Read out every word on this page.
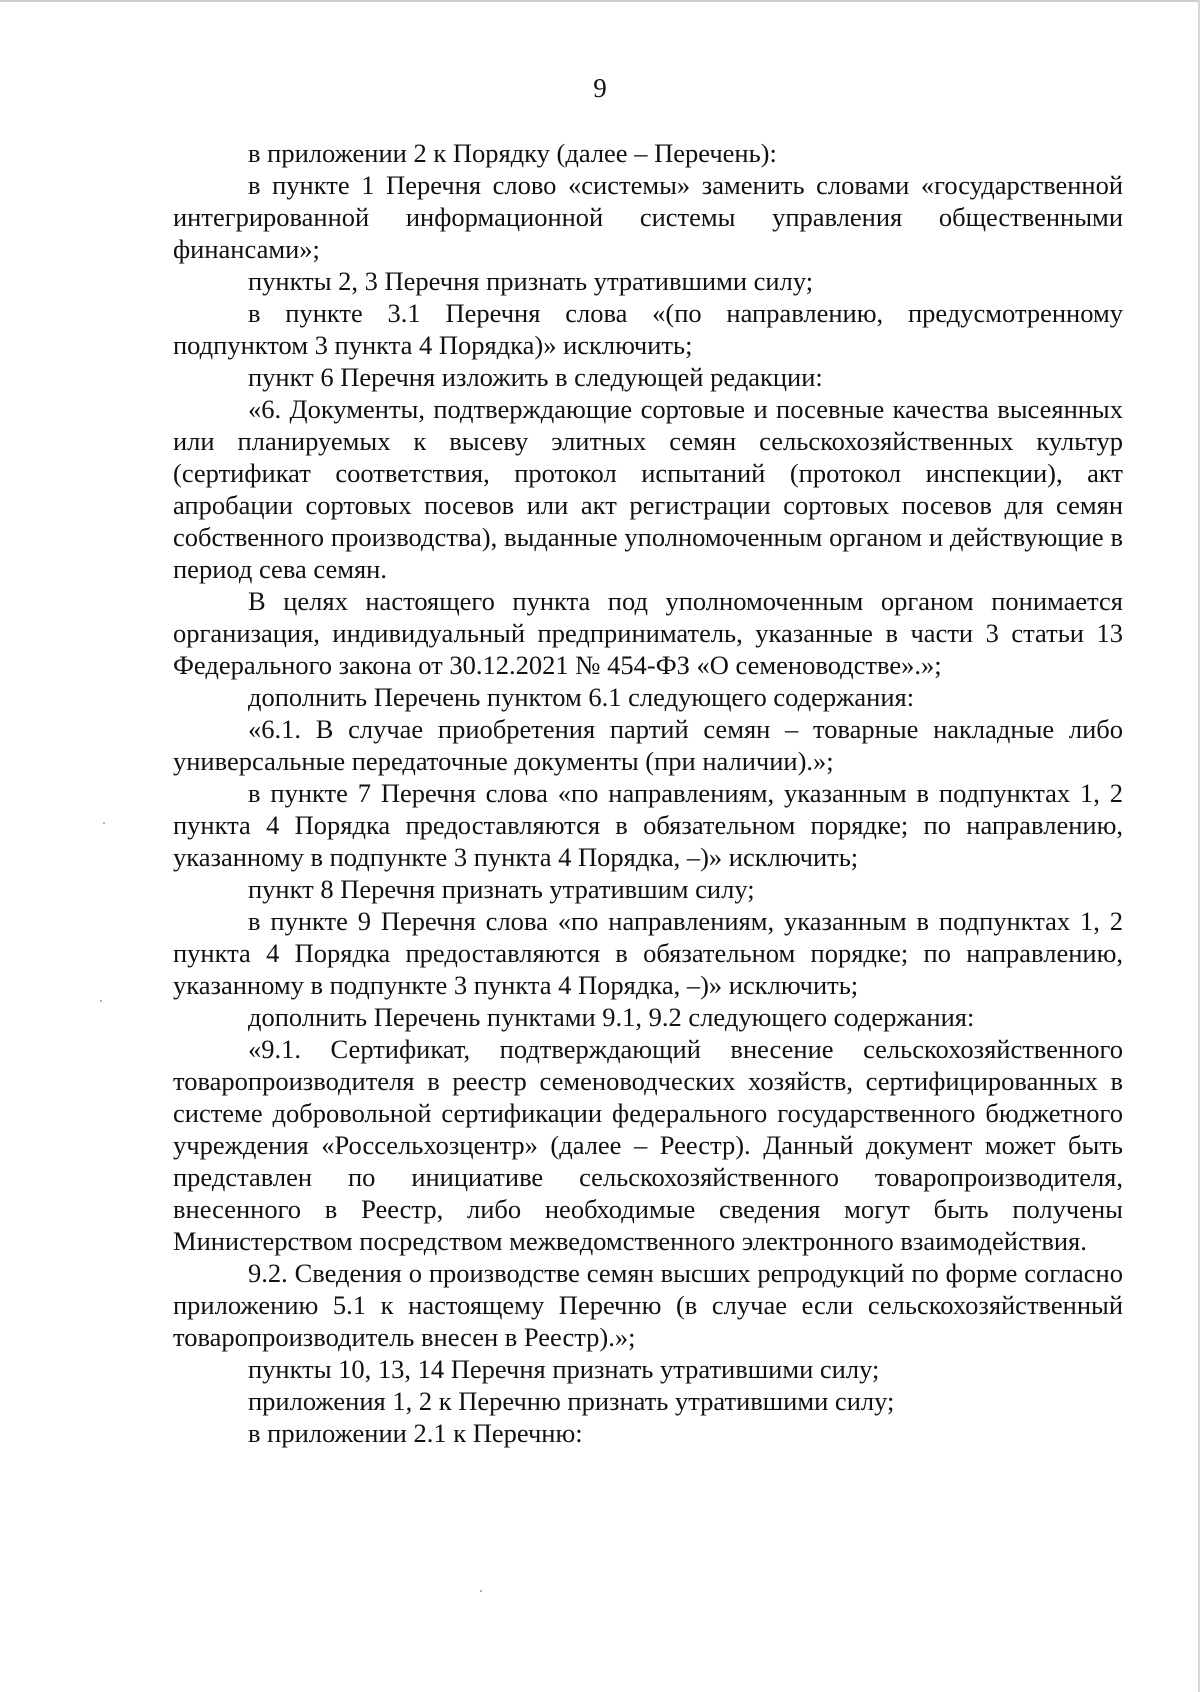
9

в приложении 2 к Порядку (далее – Перечень):

в пункте 1 Перечня слово «системы» заменить словами «государственной интегрированной информационной системы управления общественными финансами»;

пункты 2, 3 Перечня признать утратившими силу;

в пункте 3.1 Перечня слова «(по направлению, предусмотренному подпунктом 3 пункта 4 Порядка)» исключить;

пункт 6 Перечня изложить в следующей редакции:

«6. Документы, подтверждающие сортовые и посевные качества высеянных или планируемых к высеву элитных семян сельскохозяйственных культур (сертификат соответствия, протокол испытаний (протокол инспекции), акт апробации сортовых посевов или акт регистрации сортовых посевов для семян собственного производства), выданные уполномоченным органом и действующие в период сева семян.

В целях настоящего пункта под уполномоченным органом понимается организация, индивидуальный предприниматель, указанные в части 3 статьи 13 Федерального закона от 30.12.2021 № 454-ФЗ «О семеноводстве».»;

дополнить Перечень пунктом 6.1 следующего содержания:

«6.1. В случае приобретения партий семян – товарные накладные либо универсальные передаточные документы (при наличии).»;

в пункте 7 Перечня слова «по направлениям, указанным в подпунктах 1, 2 пункта 4 Порядка предоставляются в обязательном порядке; по направлению, указанному в подпункте 3 пункта 4 Порядка, –)» исключить;

пункт 8 Перечня признать утратившим силу;

в пункте 9 Перечня слова «по направлениям, указанным в подпунктах 1, 2 пункта 4 Порядка предоставляются в обязательном порядке; по направлению, указанному в подпункте 3 пункта 4 Порядка, –)» исключить;

дополнить Перечень пунктами 9.1, 9.2 следующего содержания:

«9.1. Сертификат, подтверждающий внесение сельскохозяйственного товаропроизводителя в реестр семеноводческих хозяйств, сертифицированных в системе добровольной сертификации федерального государственного бюджетного учреждения «Россельхозцентр» (далее – Реестр). Данный документ может быть представлен по инициативе сельскохозяйственного товаропроизводителя, внесенного в Реестр, либо необходимые сведения могут быть получены Министерством посредством межведомственного электронного взаимодействия.

9.2. Сведения о производстве семян высших репродукций по форме согласно приложению 5.1 к настоящему Перечню (в случае если сельскохозяйственный товаропроизводитель внесен в Реестр).»;

пункты 10, 13, 14 Перечня признать утратившими силу;

приложения 1, 2 к Перечню признать утратившими силу;

в приложении 2.1 к Перечню:
